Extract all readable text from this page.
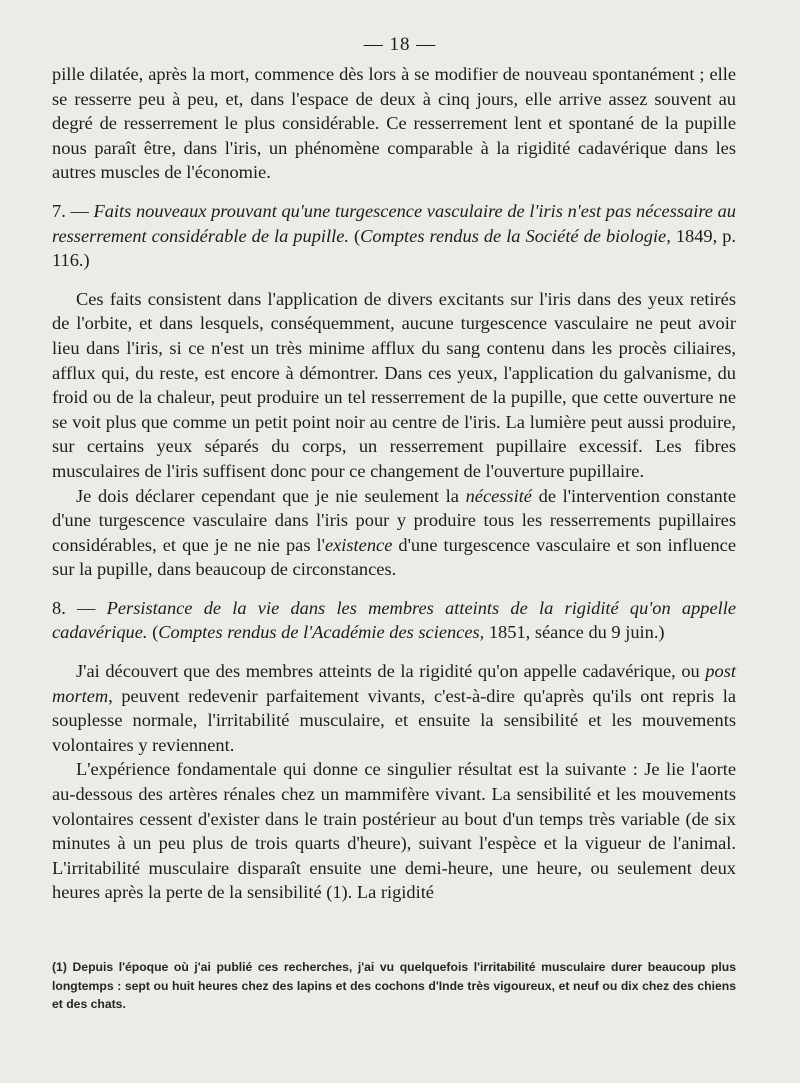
— 18 —

pille dilatée, après la mort, commence dès lors à se modifier de nouveau spontanément ; elle se resserre peu à peu, et, dans l'espace de deux à cinq jours, elle arrive assez souvent au degré de resserrement le plus considérable. Ce resserrement lent et spontané de la pupille nous paraît être, dans l'iris, un phénomène comparable à la rigidité cadavérique dans les autres muscles de l'économie.

7. — Faits nouveaux prouvant qu'une turgescence vasculaire de l'iris n'est pas nécessaire au resserrement considérable de la pupille. (Comptes rendus de la Société de biologie, 1849, p. 116.)

Ces faits consistent dans l'application de divers excitants sur l'iris dans des yeux retirés de l'orbite, et dans lesquels, conséquemment, aucune turgescence vasculaire ne peut avoir lieu dans l'iris, si ce n'est un très minime afflux du sang contenu dans les procès ciliaires, afflux qui, du reste, est encore à démontrer. Dans ces yeux, l'application du galvanisme, du froid ou de la chaleur, peut produire un tel resserrement de la pupille, que cette ouverture ne se voit plus que comme un petit point noir au centre de l'iris. La lumière peut aussi produire, sur certains yeux séparés du corps, un resserrement pupillaire excessif. Les fibres musculaires de l'iris suffisent donc pour ce changement de l'ouverture pupillaire.

Je dois déclarer cependant que je nie seulement la nécessité de l'intervention constante d'une turgescence vasculaire dans l'iris pour y produire tous les resserrements pupillaires considérables, et que je ne nie pas l'existence d'une turgescence vasculaire et son influence sur la pupille, dans beaucoup de circonstances.

8. — Persistance de la vie dans les membres atteints de la rigidité qu'on appelle cadavérique. (Comptes rendus de l'Académie des sciences, 1851, séance du 9 juin.)

J'ai découvert que des membres atteints de la rigidité qu'on appelle cadavérique, ou post mortem, peuvent redevenir parfaitement vivants, c'est-à-dire qu'après qu'ils ont repris la souplesse normale, l'irritabilité musculaire, et ensuite la sensibilité et les mouvements volontaires y reviennent.

L'expérience fondamentale qui donne ce singulier résultat est la suivante : Je lie l'aorte au-dessous des artères rénales chez un mammifère vivant. La sensibilité et les mouvements volontaires cessent d'exister dans le train postérieur au bout d'un temps très variable (de six minutes à un peu plus de trois quarts d'heure), suivant l'espèce et la vigueur de l'animal. L'irritabilité musculaire disparaît ensuite une demi-heure, une heure, ou seulement deux heures après la perte de la sensibilité (1). La rigidité

(1) Depuis l'époque où j'ai publié ces recherches, j'ai vu quelquefois l'irritabilité musculaire durer beaucoup plus longtemps : sept ou huit heures chez des lapins et des cochons d'Inde très vigoureux, et neuf ou dix chez des chiens et des chats.
